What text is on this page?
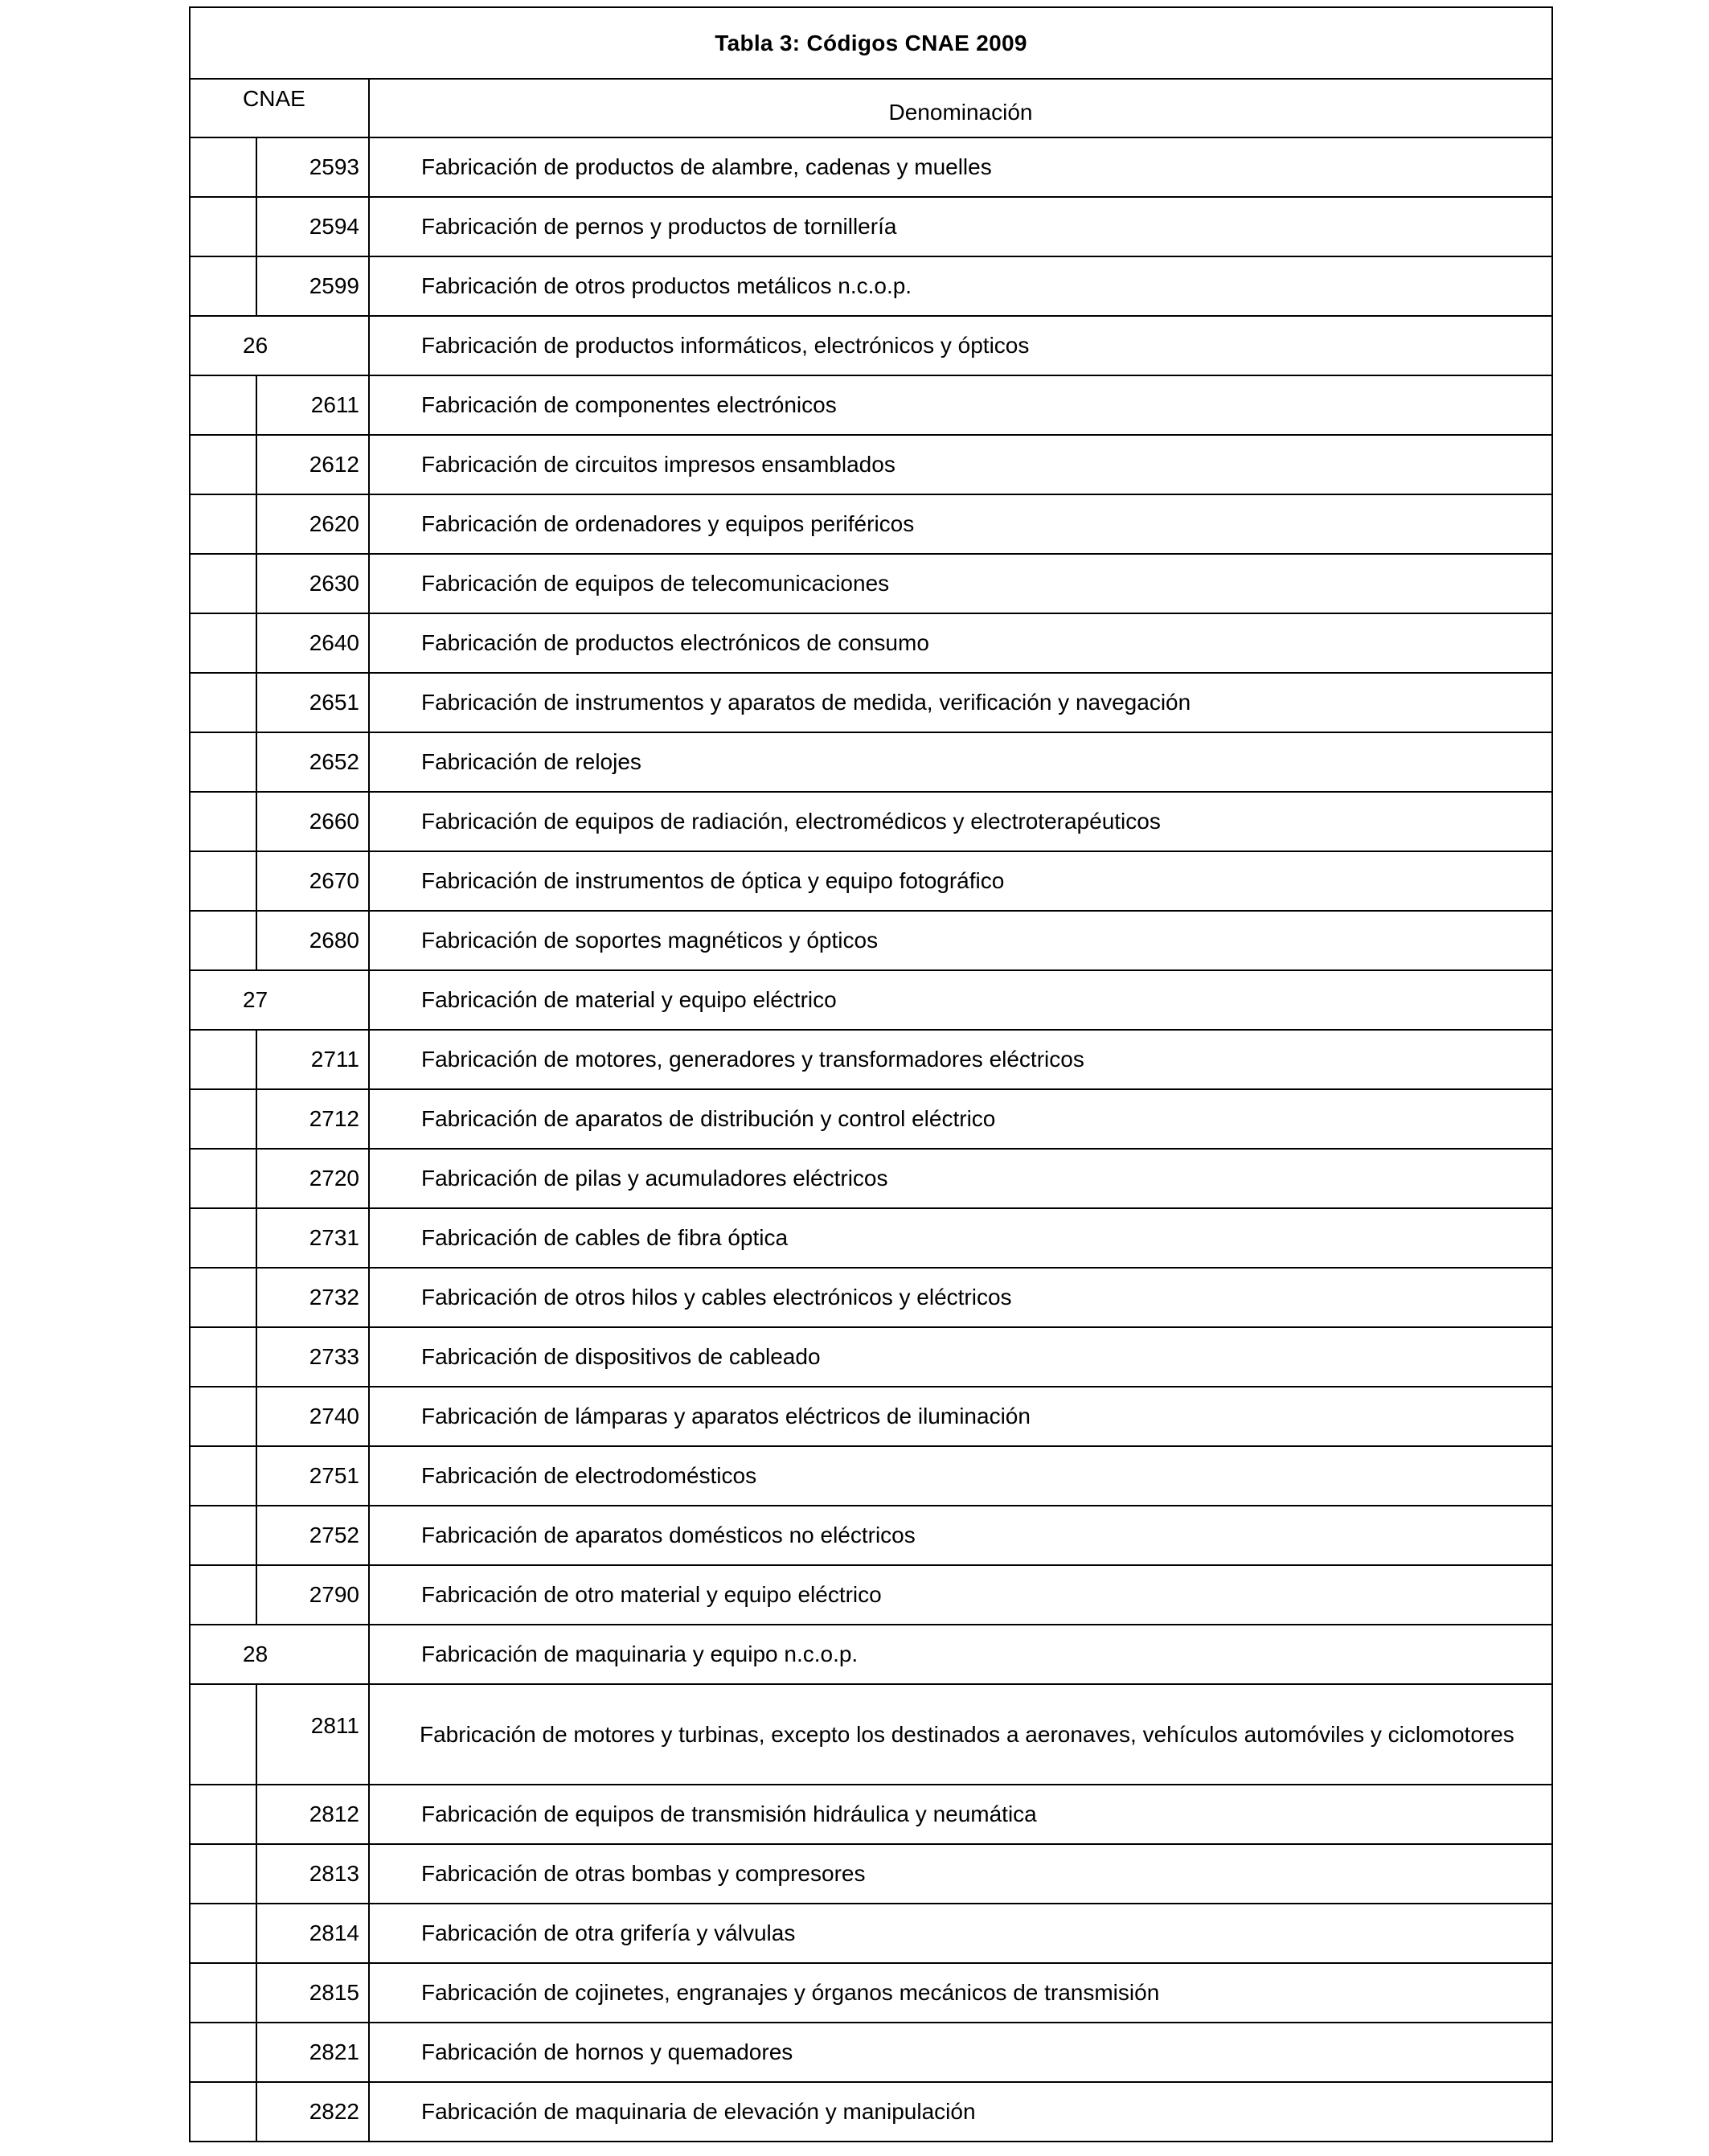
Tabla 3: Códigos CNAE 2009		
CNAE		Denominación
	2593	Fabricación de productos de alambre, cadenas y muelles
	2594	Fabricación de pernos y productos de tornillería
	2599	Fabricación de otros productos metálicos n.c.o.p.
26		Fabricación de productos informáticos, electrónicos y ópticos
	2611	Fabricación de componentes electrónicos
	2612	Fabricación de circuitos impresos ensamblados
	2620	Fabricación de ordenadores y equipos periféricos
	2630	Fabricación de equipos de telecomunicaciones
	2640	Fabricación de productos electrónicos de consumo
	2651	Fabricación de instrumentos y aparatos de medida, verificación y navegación
	2652	Fabricación de relojes
	2660	Fabricación de equipos de radiación, electromédicos y electroterapéuticos
	2670	Fabricación de instrumentos de óptica y equipo fotográfico
	2680	Fabricación de soportes magnéticos y ópticos
27		Fabricación de material y equipo eléctrico
	2711	Fabricación de motores, generadores y transformadores eléctricos
	2712	Fabricación de aparatos de distribución y control eléctrico
	2720	Fabricación de pilas y acumuladores eléctricos
	2731	Fabricación de cables de fibra óptica
	2732	Fabricación de otros hilos y cables electrónicos y eléctricos
	2733	Fabricación de dispositivos de cableado
	2740	Fabricación de lámparas y aparatos eléctricos de iluminación
	2751	Fabricación de electrodomésticos
	2752	Fabricación de aparatos domésticos no eléctricos
	2790	Fabricación de otro material y equipo eléctrico
28		Fabricación de maquinaria y equipo n.c.o.p.
	2811	Fabricación de motores y turbinas, excepto los destinados a aeronaves, vehículos automóviles y ciclomotores
	2812	Fabricación de equipos de transmisión hidráulica y neumática
	2813	Fabricación de otras bombas y compresores
	2814	Fabricación de otra grifería y válvulas
	2815	Fabricación de cojinetes, engranajes y órganos mecánicos de transmisión
	2821	Fabricación de hornos y quemadores
	2822	Fabricación de maquinaria de elevación y manipulación
